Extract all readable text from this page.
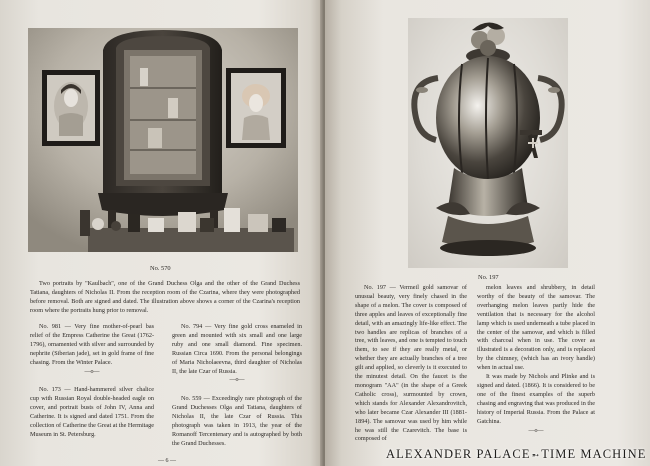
No. 570

Two portraits by "Kaulbach", one of the Grand Duchess Olga and the other of the Grand Duchess Tatiana, daughters of Nicholas II. From the reception room of the Czarina, where they were photographed before removal. Both are signed and dated. The illustration above shows a corner of the Czarina's reception room where the portraits hung prior to removal.

No. 981 — Very fine mother-of-pearl bas relief of the Empress Catherine the Great (1762-1796), ornamented with silver and surrounded by nephrite (Siberian jade), set in gold frame of fine chasing. From the Winter Palace.

—o—

No. 173 — Hand-hammered silver chalice cup with Russian Royal double-headed eagle on cover, and portrait busts of John IV, Anna and Catherine. It is signed and dated 1751. From the collection of Catherine the Great at the Hermitage Museum in St. Petersburg.

No. 794 — Very fine gold cross enameled in green and mounted with six small and one large ruby and one small diamond. Fine specimen. Russian Circa 1690. From the personal belongings of Maria Nicholaeevna, third daughter of Nicholas II, the late Czar of Russia.

—o—

No. 559 — Exceedingly rare photograph of the Grand Duchesses Olga and Tatiana, daughters of Nicholas II, the late Czar of Russia. This photograph was taken in 1913, the year of the Romanoff Tercentenary and is autographed by both the Grand Duchesses.

— 6 —
No. 197

No. 197 — Vermeil gold samovar of unusual beauty, very finely chased in the shape of a melon. The cover is composed of three apples and leaves of exceptionally fine detail, with an amazingly life-like effect. The two handles are replicas of branches of a tree, with leaves, and one is tempted to touch them, to see if they are really metal, or whether they are actually branches of a tree gilt and applied, so cleverly is it executed to the minutest detail. On the faucet is the monogram "AA" (in the shape of a Greek Catholic cross), surmounted by crown, which stands for Alexander Alexandrovitch, who later became Czar Alexander III (1881-1894). The samovar was used by him while he was still the Czarevitch. The base is composed of

melon leaves and shrubbery, in detail worthy of the beauty of the samovar. The overhanging melon leaves partly hide the ventilation that is necessary for the alcohol lamp which is used underneath a tube placed in the center of the samovar, and which is filled with charcoal when in use. The cover as illustrated is a decoration only, and is replaced by the chimney, (which has an ivory handle) when in actual use.

It was made by Nichols and Plinke and is signed and dated. (1866). It is considered to be one of the finest examples of the superb chasing and engraving that was produced in the history of Imperial Russia. From the Palace at Gatchina.

—o—

ALEXANDER PALACE➵TIME MACHINE
